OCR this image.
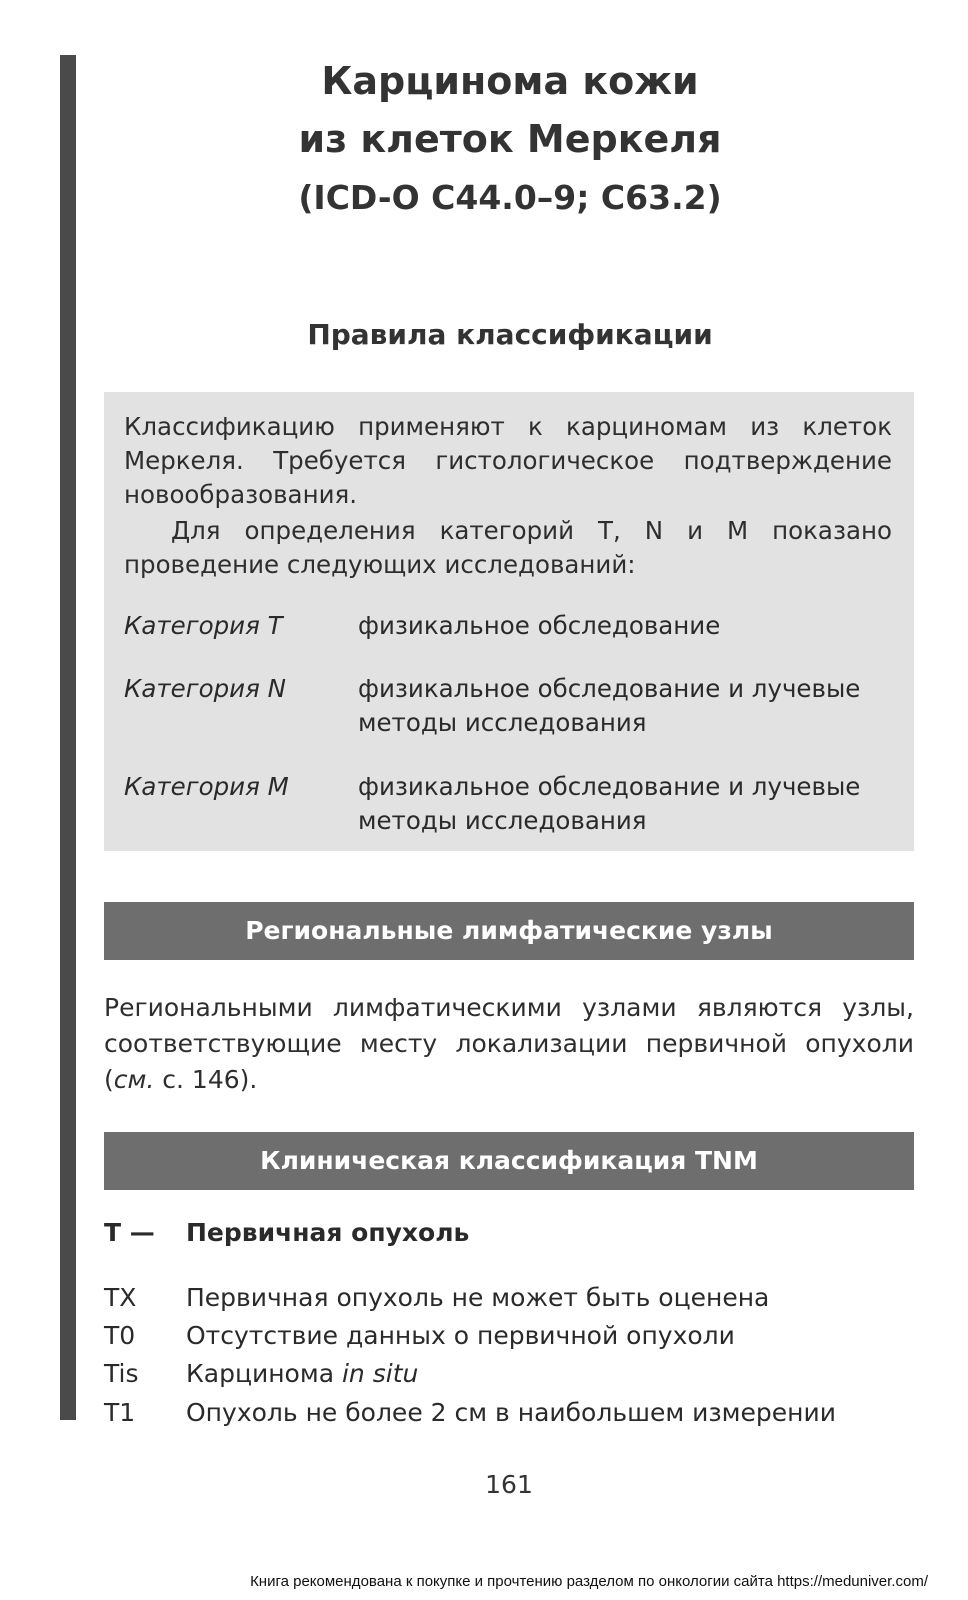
Карцинома кожи
из клеток Меркеля
(ICD-O C44.0–9; C63.2)
Правила классификации
Классификацию применяют к карциномам из клеток Меркеля. Требуется гистологическое подтверждение новообразования.
Для определения категорий T, N и M показано проведение следующих исследований:
Категория T	физикальное обследование
Категория N	физикальное обследование и лучевые методы исследования
Категория M	физикальное обследование и лучевые методы исследования
Региональные лимфатические узлы
Региональными лимфатическими узлами являются узлы, соответствующие месту локализации первичной опухоли (см. с. 146).
Клиническая классификация TNM
T — Первичная опухоль
TX	Первичная опухоль не может быть оценена
T0	Отсутствие данных о первичной опухоли
Tis	Карцинома in situ
T1	Опухоль не более 2 см в наибольшем измерении
161
Книга рекомендована к покупке и прочтению разделом по онкологии сайта https://meduniver.com/
